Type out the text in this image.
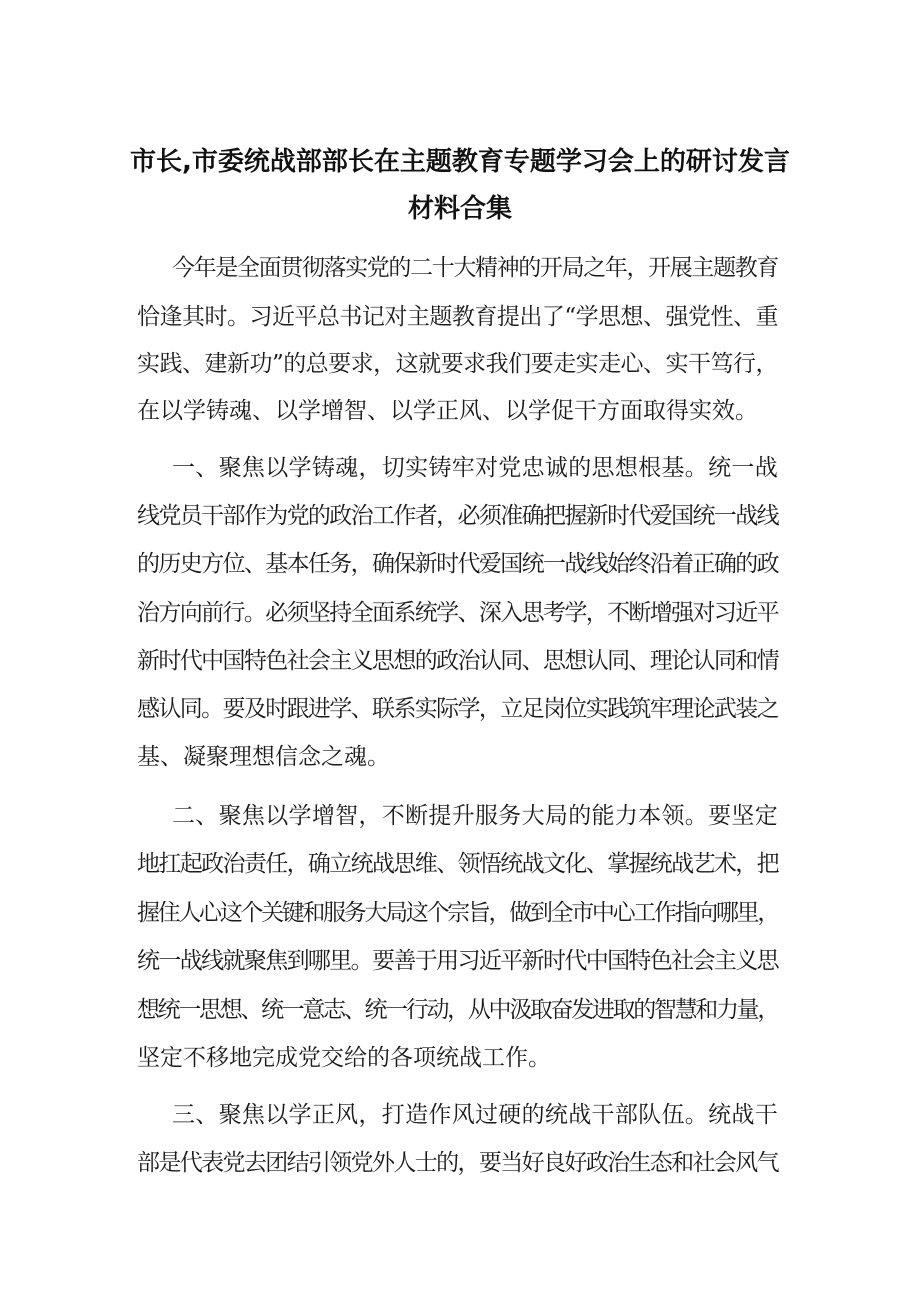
市长,市委统战部部长在主题教育专题学习会上的研讨发言
材料合集
今年是全面贯彻落实党的二十大精神的开局之年，开展主题教育
恰逢其时。习近平总书记对主题教育提出了“学思想、强党性、重
实践、建新功”的总要求，这就要求我们要走实走心、实干笃行，
在以学铸魂、以学增智、以学正风、以学促干方面取得实效。
一、聚焦以学铸魂，切实铸牢对党忠诚的思想根基。统一战
线党员干部作为党的政治工作者，必须准确把握新时代爱国统一战线
的历史方位、基本任务，确保新时代爱国统一战线始终沿着正确的政
治方向前行。必须坚持全面系统学、深入思考学，不断增强对习近平
新时代中国特色社会主义思想的政治认同、思想认同、理论认同和情
感认同。要及时跟进学、联系实际学，立足岗位实践筑牢理论武装之
基、凝聚理想信念之魂。
二、聚焦以学增智，不断提升服务大局的能力本领。要坚定
地扛起政治责任，确立统战思维、领悟统战文化、掌握统战艺术，把
握住人心这个关键和服务大局这个宗旨，做到全市中心工作指向哪里，
统一战线就聚焦到哪里。要善于用习近平新时代中国特色社会主义思
想统一思想、统一意志、统一行动，从中汲取奋发进取的智慧和力量，
坚定不移地完成党交给的各项统战工作。
三、聚焦以学正风，打造作风过硬的统战干部队伍。统战干
部是代表党去团结引领党外人士的，要当好良好政治生态和社会风气
